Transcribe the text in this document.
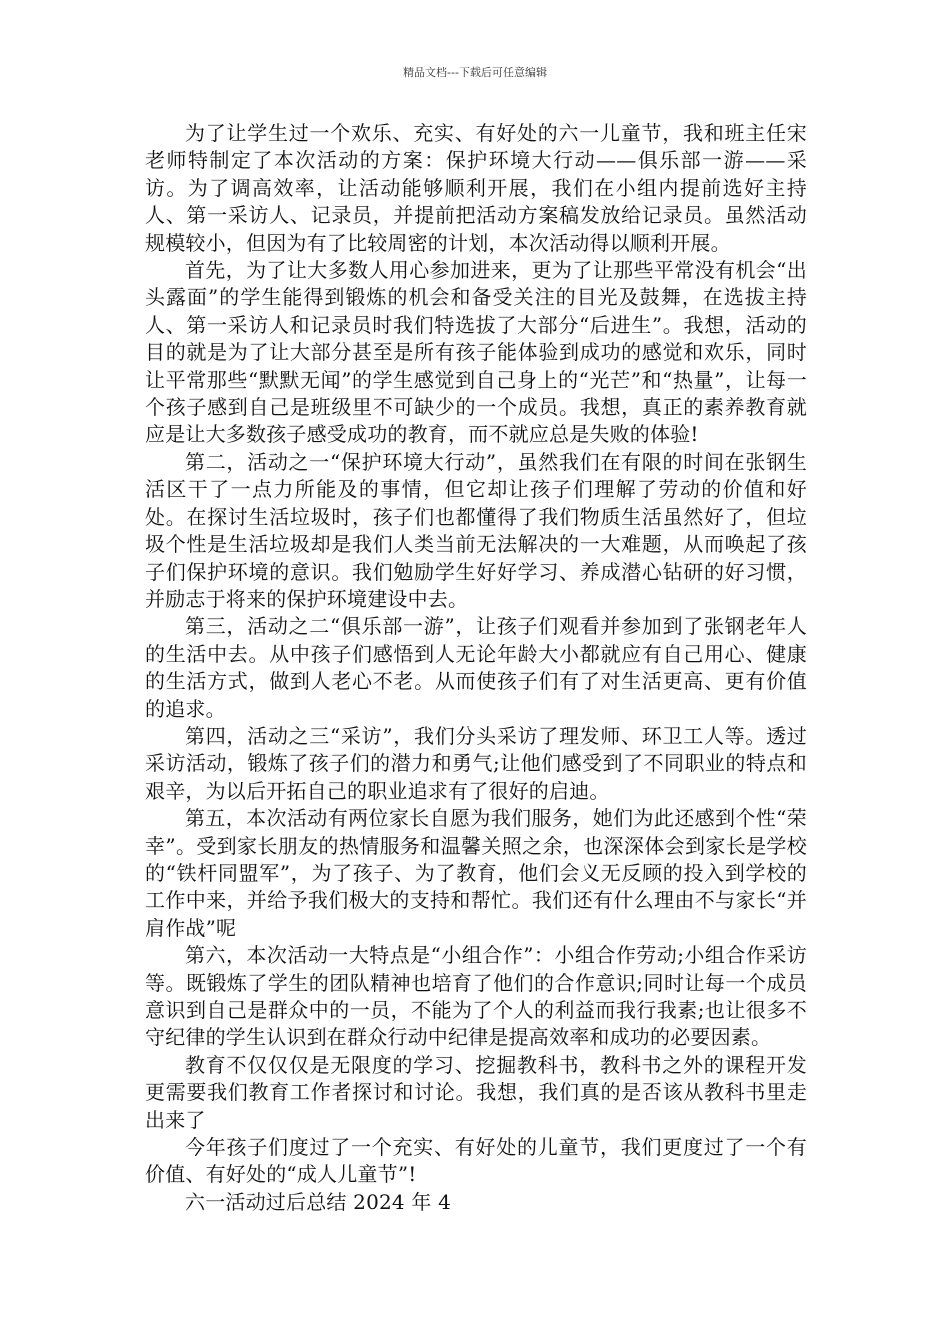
精品文档---下载后可任意编辑

为了让学生过一个欢乐、充实、有好处的六一儿童节，我和班主任宋老师特制定了本次活动的方案：保护环境大行动——俱乐部一游——采访。为了调高效率，让活动能够顺利开展，我们在小组内提前选好主持人、第一采访人、记录员，并提前把活动方案稿发放给记录员。虽然活动规模较小，但因为有了比较周密的计划，本次活动得以顺利开展。

首先，为了让大多数人用心参加进来，更为了让那些平常没有机会“出头露面”的学生能得到锻炼的机会和备受关注的目光及鼓舞，在选拔主持人、第一采访人和记录员时我们特选拔了大部分“后进生”。我想，活动的目的就是为了让大部分甚至是所有孩子能体验到成功的感觉和欢乐，同时让平常那些“默默无闻”的学生感觉到自己身上的“光芒”和“热量”，让每一个孩子感到自己是班级里不可缺少的一个成员。我想，真正的素养教育就应是让大多数孩子感受成功的教育，而不就应总是失败的体验!

第二，活动之一“保护环境大行动”，虽然我们在有限的时间在张钢生活区干了一点力所能及的事情，但它却让孩子们理解了劳动的价值和好处。在探讨生活垃圾时，孩子们也都懂得了我们物质生活虽然好了，但垃圾个性是生活垃圾却是我们人类当前无法解决的一大难题，从而唤起了孩子们保护环境的意识。我们勉励学生好好学习、养成潜心钻研的好习惯，并励志于将来的保护环境建设中去。

第三，活动之二“俱乐部一游”，让孩子们观看并参加到了张钢老年人的生活中去。从中孩子们感悟到人无论年龄大小都就应有自己用心、健康的生活方式，做到人老心不老。从而使孩子们有了对生活更高、更有价值的追求。

第四，活动之三“采访”，我们分头采访了理发师、环卫工人等。透过采访活动，锻炼了孩子们的潜力和勇气;让他们感受到了不同职业的特点和艰辛，为以后开拓自己的职业追求有了很好的启迪。

第五，本次活动有两位家长自愿为我们服务，她们为此还感到个性“荣幸”。受到家长朋友的热情服务和温馨关照之余，也深深体会到家长是学校的“铁杆同盟军”，为了孩子、为了教育，他们会义无反顾的投入到学校的工作中来，并给予我们极大的支持和帮忙。我们还有什么理由不与家长“并肩作战”呢

第六，本次活动一大特点是“小组合作”：小组合作劳动;小组合作采访等。既锻炼了学生的团队精神也培育了他们的合作意识;同时让每一个成员意识到自己是群众中的一员，不能为了个人的利益而我行我素;也让很多不守纪律的学生认识到在群众行动中纪律是提高效率和成功的必要因素。

教育不仅仅仅是无限度的学习、挖掘教科书，教科书之外的课程开发更需要我们教育工作者探讨和讨论。我想，我们真的是否该从教科书里走出来了

今年孩子们度过了一个充实、有好处的儿童节，我们更度过了一个有价值、有好处的“成人儿童节”!

六一活动过后总结 2024 年 4
